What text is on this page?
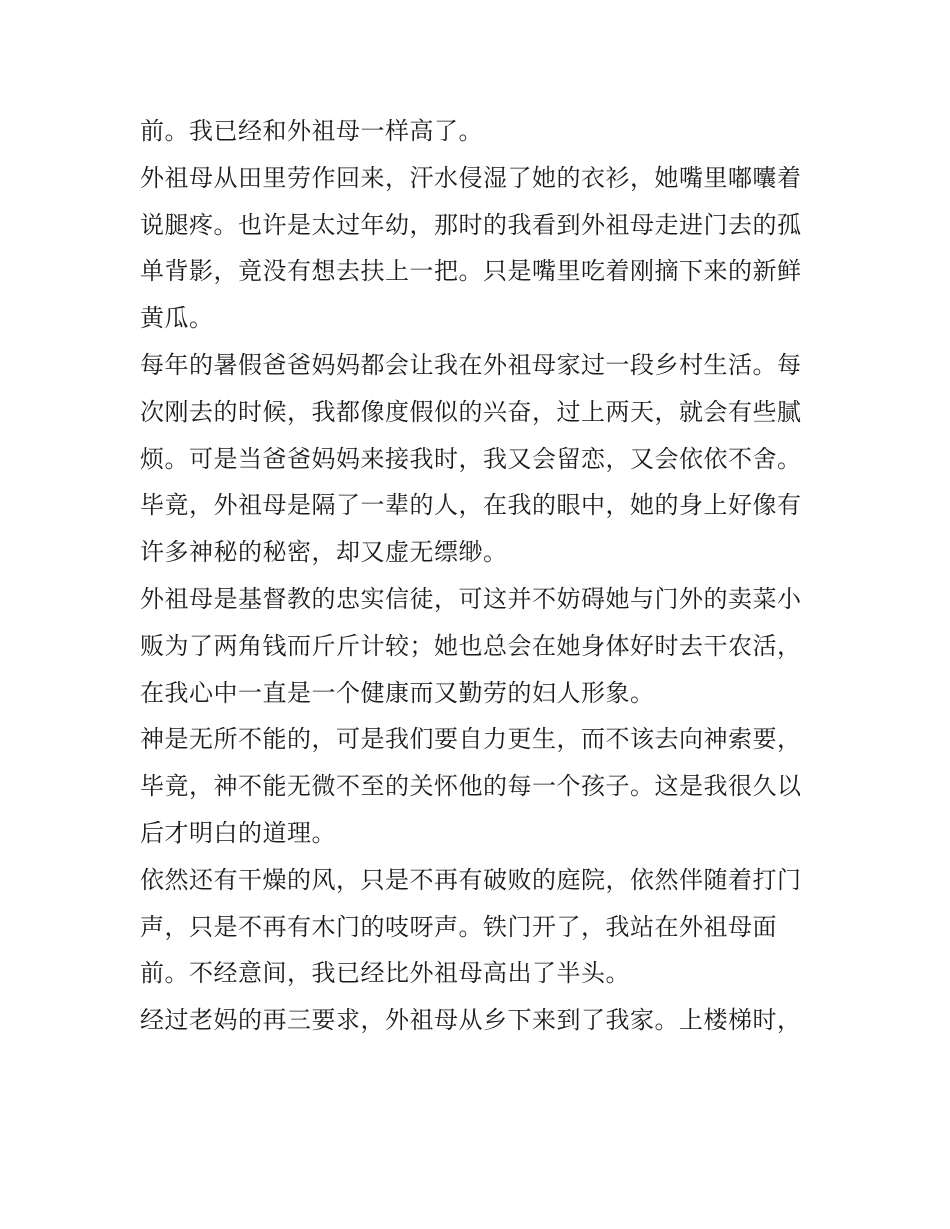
前。我已经和外祖母一样高了。
外祖母从田里劳作回来，汗水侵湿了她的衣衫，她嘴里嘟囔着
说腿疼。也许是太过年幼，那时的我看到外祖母走进门去的孤
单背影，竟没有想去扶上一把。只是嘴里吃着刚摘下来的新鲜
黄瓜。
每年的暑假爸爸妈妈都会让我在外祖母家过一段乡村生活。每
次刚去的时候，我都像度假似的兴奋，过上两天，就会有些腻
烦。可是当爸爸妈妈来接我时，我又会留恋，又会依依不舍。
毕竟，外祖母是隔了一辈的人，在我的眼中，她的身上好像有
许多神秘的秘密，却又虚无缥缈。
外祖母是基督教的忠实信徒，可这并不妨碍她与门外的卖菜小
贩为了两角钱而斤斤计较；她也总会在她身体好时去干农活，
在我心中一直是一个健康而又勤劳的妇人形象。
神是无所不能的，可是我们要自力更生，而不该去向神索要，
毕竟，神不能无微不至的关怀他的每一个孩子。这是我很久以
后才明白的道理。
依然还有干燥的风，只是不再有破败的庭院，依然伴随着打门
声，只是不再有木门的吱呀声。铁门开了，我站在外祖母面
前。不经意间，我已经比外祖母高出了半头。
经过老妈的再三要求，外祖母从乡下来到了我家。上楼梯时，
